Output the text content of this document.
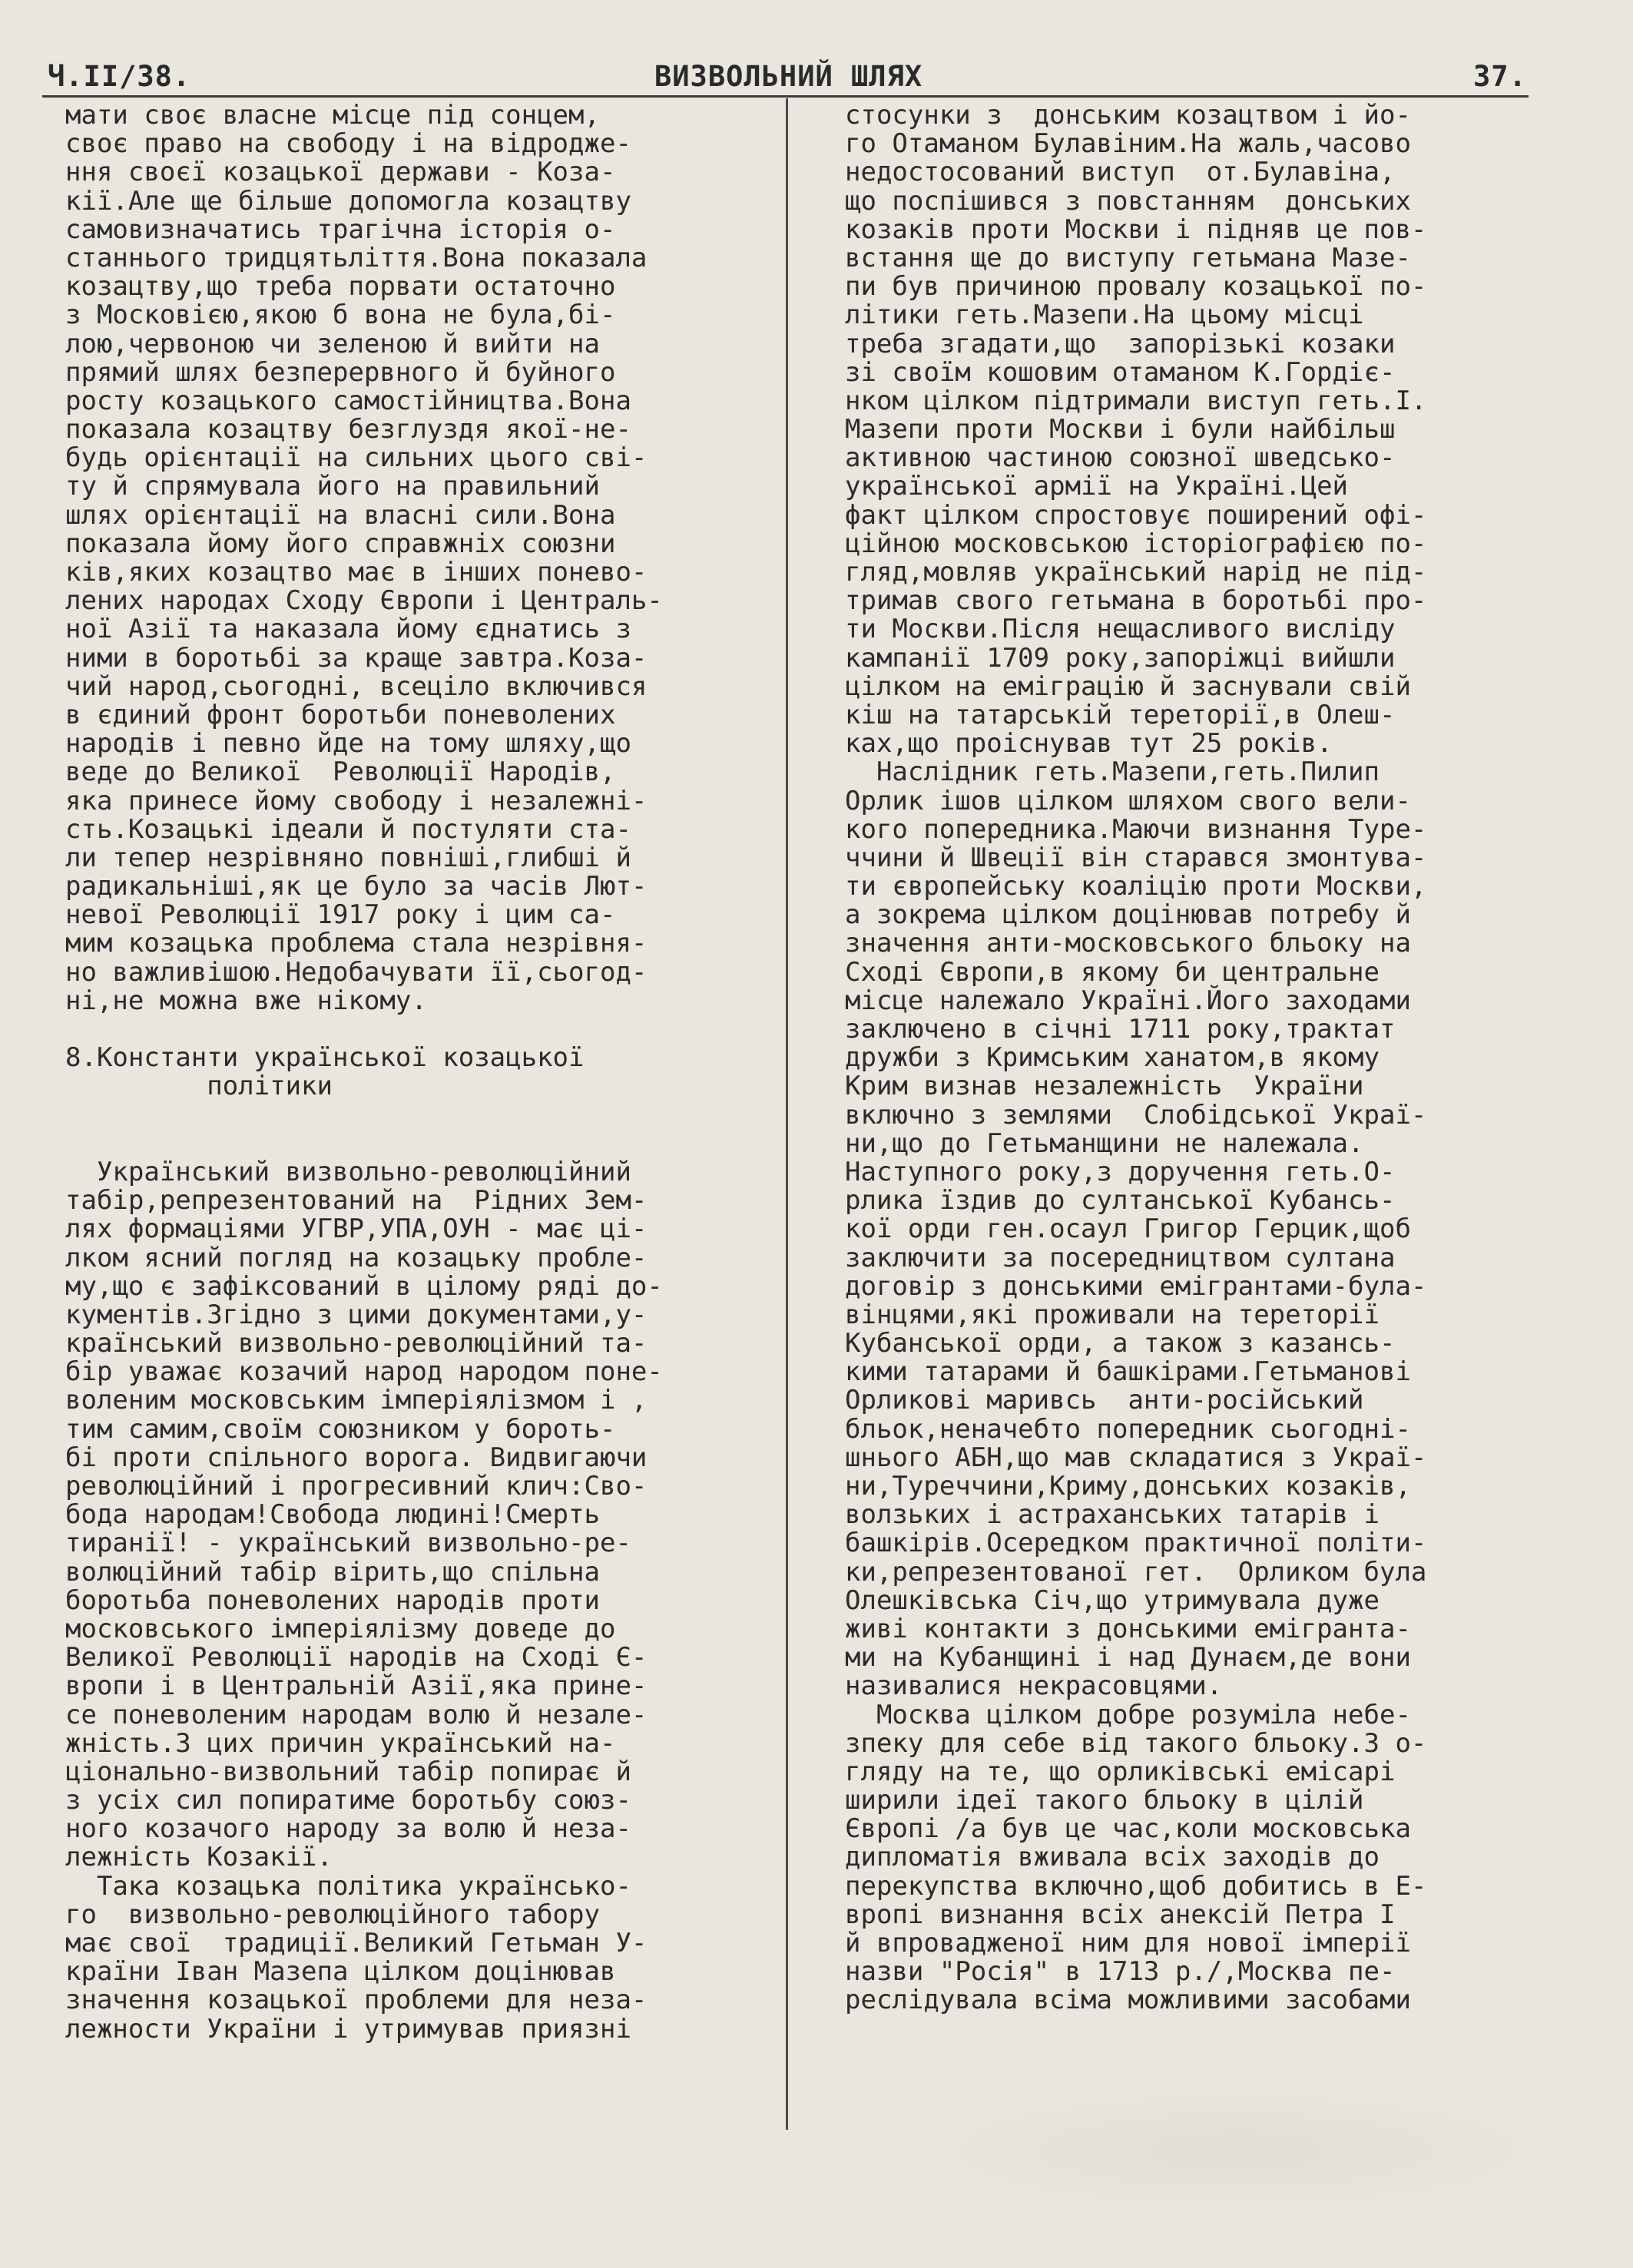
Ч.II/38.	ВИЗВОЛЬНИЙ ШЛЯХ	37.
мати своє власне місце під сонцем,
своє право на свободу і на відродже-
ння своєї козацької держави - Коза-
кії.Але ще більше допомогла козацтву
самовизначатись трагічна історія о-
станнього тридцятьліття.Вона показала
козацтву,що треба порвати остаточно
з Московією,якою б вона не була,бі-
лою,червоною чи зеленою й вийти на
прямий шлях безперервного й буйного
росту козацького самостійництва.Вона
показала козацтву безглуздя якої-не-
будь орієнтації на сильних цього сві-
ту й спрямувала його на правильний
шлях орієнтації на власні сили.Вона
показала йому його справжніх союзни
ків,яких козацтво має в інших понево-
лених народах Сходу Європи і Централь-
ної Азії та наказала йому єднатись з
ними в боротьбі за краще завтра.Коза-
чий народ,сьогодні, всеціло включився
в єдиний фронт боротьби поневолених
народів і певно йде на тому шляху,що
веде до Великої  Революції Народів,
яка принесе йому свободу і незалежні-
сть.Козацькі ідеали й постуляти ста-
ли тепер незрівняно повніші,глибші й
радикальніші,як це було за часів Лют-
невої Революції 1917 року і цим са-
мим козацька проблема стала незрівня-
но важливішою.Недобачувати її,сьогод-
ні,не можна вже нікому.
8.Константи української козацької
політики
Український визвольно-революційний
табір,репрезентований на  Рідних Зем-
лях формаціями УГВР,УПА,ОУН - має ці-
лком ясний погляд на козацьку пробле-
му,що є зафіксований в цілому ряді до-
кументів.Згідно з цими документами,у-
країнський визвольно-революційний та-
бір уважає козачий народ народом поне-
воленим московським імперіялізмом і ,
тим самим,своїм союзником у бороть-
бі проти спільного ворога. Видвигаючи
революційний і прогресивний клич:Сво-
бода народам!Свобода людині!Смерть
тиранії! - український визвольно-ре-
волюційний табір вірить,що спільна
боротьба поневолених народів проти
московського імперіялізму доведе до
Великої Революції народів на Сході Є-
вропи і в Центральній Азії,яка прине-
се поневоленим народам волю й незале-
жність.З цих причин український на-
ціонально-визвольний табір попирає й
з усіх сил попиратиме боротьбу союз-
ного козачого народу за волю й неза-
лежність Козакії.
Така козацька політика українсько-
го  визвольно-революційного табору
має свої  традиції.Великий Гетьман У-
країни Іван Мазепа цілком доцінював
значення козацької проблеми для неза-
лежности України і утримував приязні
стосунки з  донським козацтвом і йо-
го Отаманом Булавіним.На жаль,часово
недостосований виступ  от.Булавіна,
що поспішився з повстанням  донських
козаків проти Москви і підняв це пов-
встання ще до виступу гетьмана Мазе-
пи був причиною провалу козацької по-
літики геть.Мазепи.На цьому місці
треба згадати,що  запорізькі козаки
зі своїм кошовим отаманом К.Гордіє-
нком цілком підтримали виступ геть.І.
Мазепи проти Москви і були найбільш
активною частиною союзної шведсько-
української армії на Україні.Цей
факт цілком спростовує поширений офі-
ційною московською історіографією по-
гляд,мовляв український нарід не під-
тримав свого гетьмана в боротьбі про-
ти Москви.Після нещасливого висліду
кампанії 1709 року,запоріжці вийшли
цілком на еміграцію й заснували свій
кіш на татарській тереторії,в Олеш-
ках,що проіснував тут 25 років.
Наслідник геть.Мазепи,геть.Пилип
Орлик ішов цілком шляхом свого вели-
кого попередника.Маючи визнання Туре-
ччини й Швеції він старався змонтува-
ти європейську коаліцію проти Москви,
а зокрема цілком доцінював потребу й
значення анти-московського бльоку на
Сході Європи,в якому би центральне
місце належало Україні.Його заходами
заключено в січні 1711 року,трактат
дружби з Кримським ханатом,в якому
Крим визнав незалежність  України
включно з землями  Слобідської Украї-
ни,що до Гетьманщини не належала.
Наступного року,з доручення геть.О-
рлика їздив до султанської Кубансь-
кої орди ген.осаул Григор Герцик,щоб
заключити за посередництвом султана
договір з донськими емігрантами-була-
вінцями,які проживали на тереторії
Кубанської орди, а також з казансь-
кими татарами й башкірами.Гетьманові
Орликові маривсь  анти-російський
бльок,неначебто попередник сьогодні-
шнього АБН,що мав складатися з Украї-
ни,Туреччини,Криму,донських козаків,
волзьких і астраханських татарів і
башкірів.Осередком практичної політи-
ки,репрезентованої гет.  Орликом була
Олешківська Січ,що утримувала дуже
живі контакти з донськими емігранта-
ми на Кубанщині і над Дунаєм,де вони
називалися некрасовцями.
Москва цілком добре розуміла небе-
зпеку для себе від такого бльоку.З о-
гляду на те, що орликівські емісарі
ширили ідеї такого бльоку в цілій
Європі /а був це час,коли московська
дипломатія вживала всіх заходів до
перекупства включно,щоб добитись в Е-
вропі визнання всіх анексій Петра I
й впровадженої ним для нової імперії
назви "Росія" в 1713 р./,Москва пе-
реслідувала всіма можливими засобами
